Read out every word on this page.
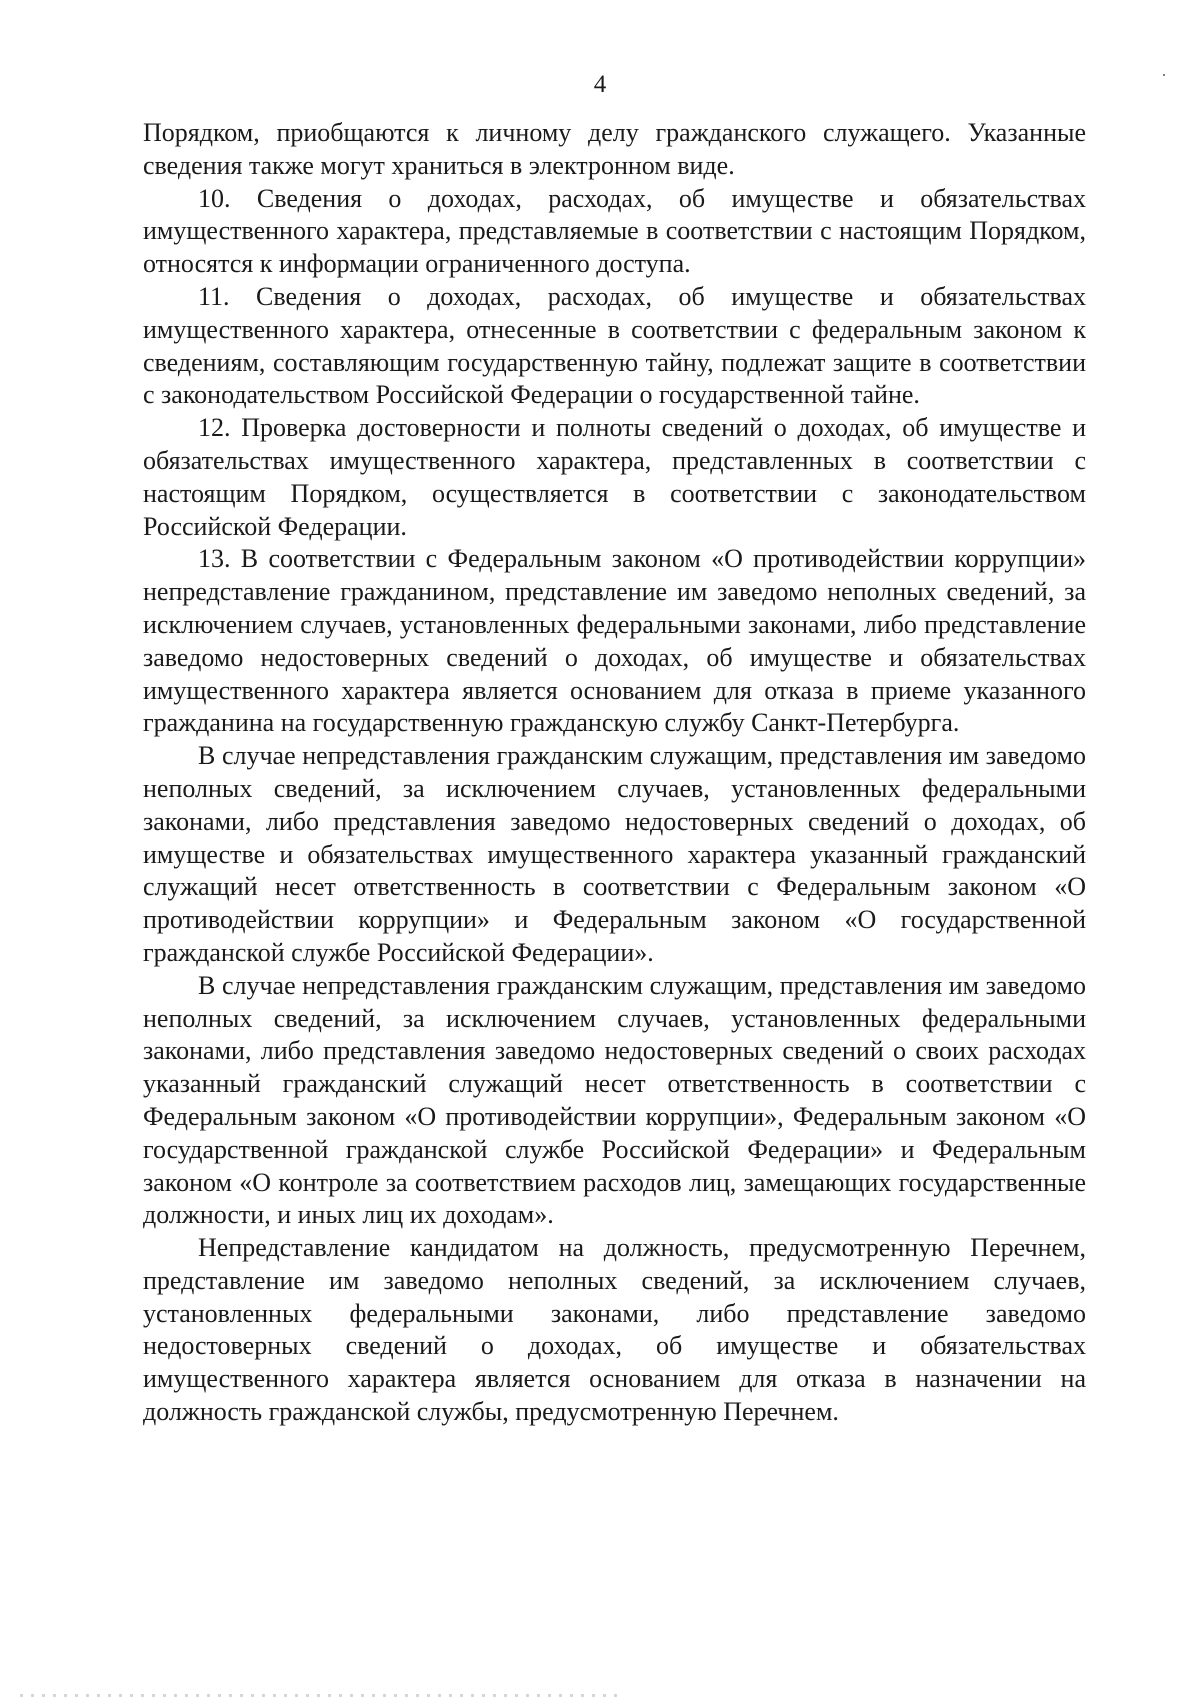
4

Порядком, приобщаются к личному делу гражданского служащего. Указанные сведения также могут храниться в электронном виде.

10. Сведения о доходах, расходах, об имуществе и обязательствах имущественного характера, представляемые в соответствии с настоящим Порядком, относятся к информации ограниченного доступа.

11. Сведения о доходах, расходах, об имуществе и обязательствах имущественного характера, отнесенные в соответствии с федеральным законом к сведениям, составляющим государственную тайну, подлежат защите в соответствии с законодательством Российской Федерации о государственной тайне.

12. Проверка достоверности и полноты сведений о доходах, об имуществе и обязательствах имущественного характера, представленных в соответствии с настоящим Порядком, осуществляется в соответствии с законодательством Российской Федерации.

13. В соответствии с Федеральным законом «О противодействии коррупции» непредставление гражданином, представление им заведомо неполных сведений, за исключением случаев, установленных федеральными законами, либо представление заведомо недостоверных сведений о доходах, об имуществе и обязательствах имущественного характера является основанием для отказа в приеме указанного гражданина на государственную гражданскую службу Санкт-Петербурга.

В случае непредставления гражданским служащим, представления им заведомо неполных сведений, за исключением случаев, установленных федеральными законами, либо представления заведомо недостоверных сведений о доходах, об имуществе и обязательствах имущественного характера указанный гражданский служащий несет ответственность в соответствии с Федеральным законом «О противодействии коррупции» и Федеральным законом «О государственной гражданской службе Российской Федерации».

В случае непредставления гражданским служащим, представления им заведомо неполных сведений, за исключением случаев, установленных федеральными законами, либо представления заведомо недостоверных сведений о своих расходах указанный гражданский служащий несет ответственность в соответствии с Федеральным законом «О противодействии коррупции», Федеральным законом «О государственной гражданской службе Российской Федерации» и Федеральным законом «О контроле за соответствием расходов лиц, замещающих государственные должности, и иных лиц их доходам».

Непредставление кандидатом на должность, предусмотренную Перечнем, представление им заведомо неполных сведений, за исключением случаев, установленных федеральными законами, либо представление заведомо недостоверных сведений о доходах, об имуществе и обязательствах имущественного характера является основанием для отказа в назначении на должность гражданской службы, предусмотренную Перечнем.
